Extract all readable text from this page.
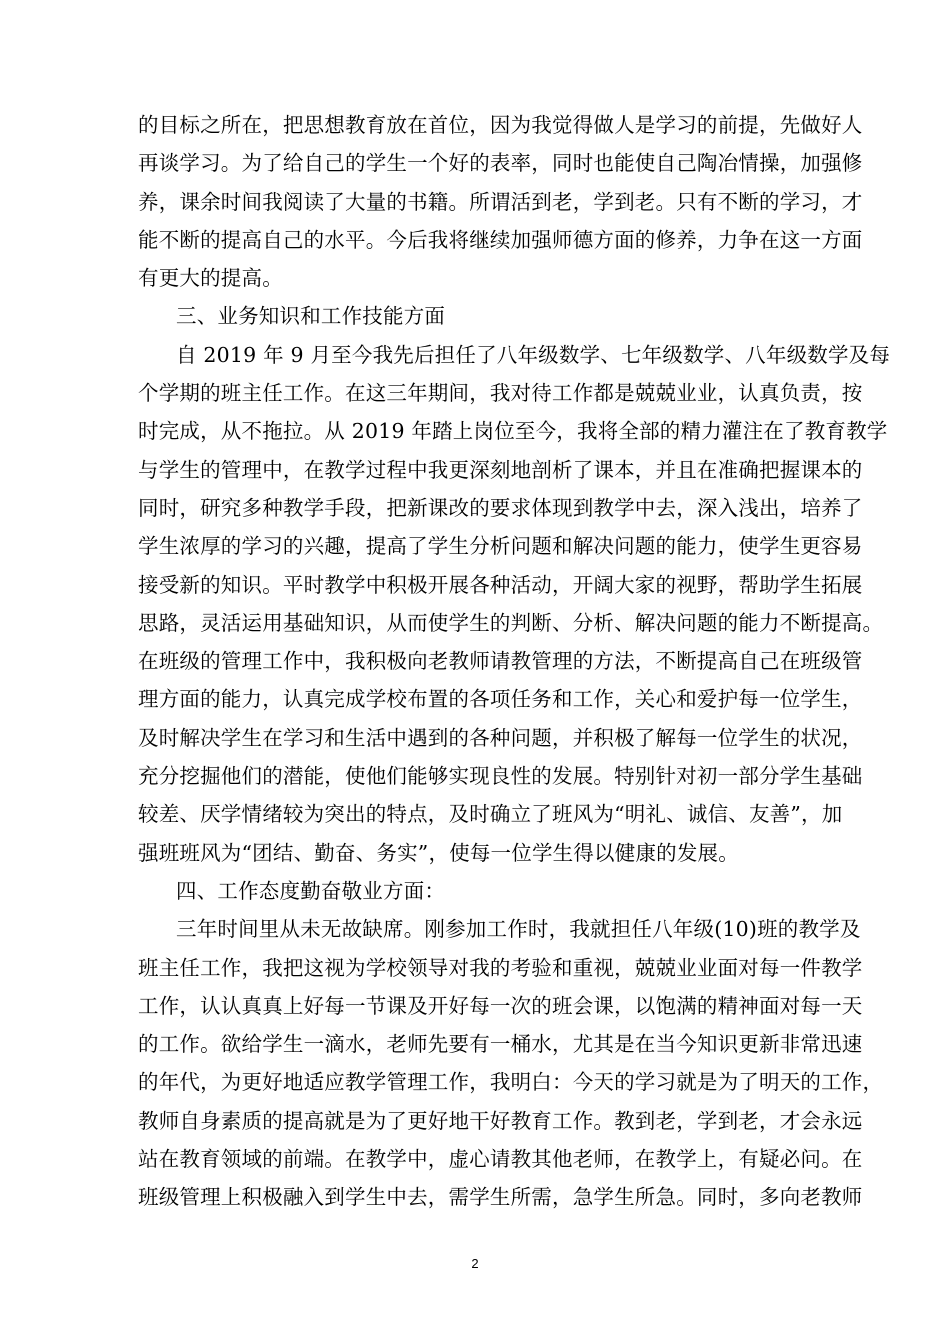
的目标之所在，把思想教育放在首位，因为我觉得做人是学习的前提，先做好人
再谈学习。为了给自己的学生一个好的表率，同时也能使自己陶冶情操，加强修
养，课余时间我阅读了大量的书籍。所谓活到老，学到老。只有不断的学习，才
能不断的提高自己的水平。今后我将继续加强师德方面的修养，力争在这一方面
有更大的提高。
三、业务知识和工作技能方面
自 2019 年 9 月至今我先后担任了八年级数学、七年级数学、八年级数学及每
个学期的班主任工作。在这三年期间，我对待工作都是兢兢业业，认真负责，按
时完成，从不拖拉。从 2019 年踏上岗位至今，我将全部的精力灌注在了教育教学
与学生的管理中，在教学过程中我更深刻地剖析了课本，并且在准确把握课本的
同时，研究多种教学手段，把新课改的要求体现到教学中去，深入浅出，培养了
学生浓厚的学习的兴趣，提高了学生分析问题和解决问题的能力，使学生更容易
接受新的知识。平时教学中积极开展各种活动，开阔大家的视野，帮助学生拓展
思路，灵活运用基础知识，从而使学生的判断、分析、解决问题的能力不断提高。
在班级的管理工作中，我积极向老教师请教管理的方法，不断提高自己在班级管
理方面的能力，认真完成学校布置的各项任务和工作，关心和爱护每一位学生，
及时解决学生在学习和生活中遇到的各种问题，并积极了解每一位学生的状况，
充分挖掘他们的潜能，使他们能够实现良性的发展。特别针对初一部分学生基础
较差、厌学情绪较为突出的特点，及时确立了班风为“明礼、诚信、友善”，加
强班班风为“团结、勤奋、务实”，使每一位学生得以健康的发展。
四、工作态度勤奋敬业方面：
三年时间里从未无故缺席。刚参加工作时，我就担任八年级(10)班的教学及
班主任工作，我把这视为学校领导对我的考验和重视，兢兢业业面对每一件教学
工作，认认真真上好每一节课及开好每一次的班会课，以饱满的精神面对每一天
的工作。欲给学生一滴水，老师先要有一桶水，尤其是在当今知识更新非常迅速
的年代，为更好地适应教学管理工作，我明白：今天的学习就是为了明天的工作，
教师自身素质的提高就是为了更好地干好教育工作。教到老，学到老，才会永远
站在教育领域的前端。在教学中，虚心请教其他老师，在教学上，有疑必问。在
班级管理上积极融入到学生中去，需学生所需，急学生所急。同时，多向老教师
2
